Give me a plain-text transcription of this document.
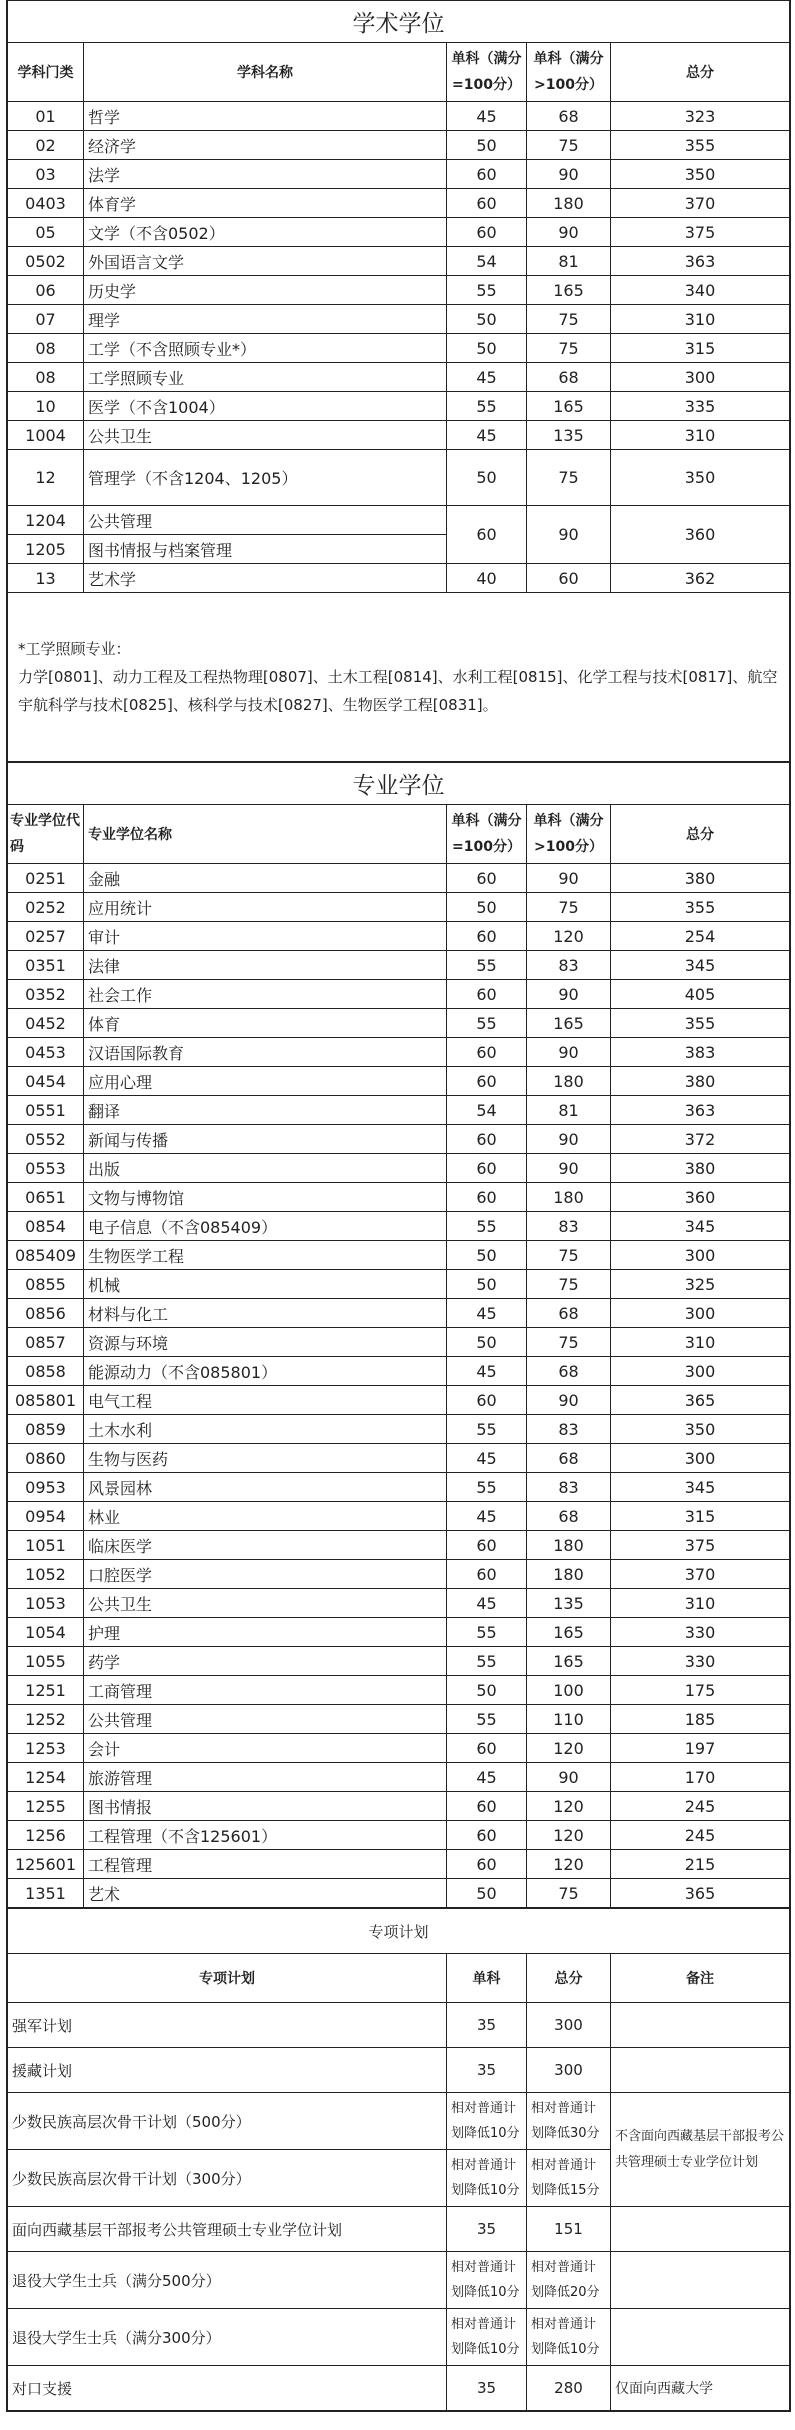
学术学位				
学科门类	学科名称	单科（满分=100分）	单科（满分>100分）	总分
01	哲学	45	68	323
02	经济学	50	75	355
03	法学	60	90	350
0403	体育学	60	180	370
05	文学（不含0502）	60	90	375
0502	外国语言文学	54	81	363
06	历史学	55	165	340
07	理学	50	75	310
08	工学（不含照顾专业*）	50	75	315
08	工学照顾专业	45	68	300
10	医学（不含1004）	55	165	335
1004	公共卫生	45	135	310
12	管理学（不含1204、1205）	50	75	350
1204	公共管理	60	90	360
1205	图书情报与档案管理			
13	艺术学	40	60	362

*工学照顾专业：
力学[0801]、动力工程及工程热物理[0807]、土木工程[0814]、水利工程[0815]、化学工程与技术[0817]、航空宇航科学与技术[0825]、核科学与技术[0827]、生物医学工程[0831]。				
专业学位				
专业学位代码	专业学位名称	单科（满分=100分）	单科（满分>100分）	总分
0251	金融	60	90	380
0252	应用统计	50	75	355
0257	审计	60	120	254
0351	法律	55	83	345
0352	社会工作	60	90	405
0452	体育	55	165	355
0453	汉语国际教育	60	90	383
0454	应用心理	60	180	380
0551	翻译	54	81	363
0552	新闻与传播	60	90	372
0553	出版	60	90	380
0651	文物与博物馆	60	180	360
0854	电子信息（不含085409）	55	83	345
085409	生物医学工程	50	75	300
0855	机械	50	75	325
0856	材料与化工	45	68	300
0857	资源与环境	50	75	310
0858	能源动力（不含085801）	45	68	300
085801	电气工程	60	90	365
0859	土木水利	55	83	350
0860	生物与医药	45	68	300
0953	风景园林	55	83	345
0954	林业	45	68	315
1051	临床医学	60	180	375
1052	口腔医学	60	180	370
1053	公共卫生	45	135	310
1054	护理	55	165	330
1055	药学	55	165	330
1251	工商管理	50	100	175
1252	公共管理	55	110	185
1253	会计	60	120	197
1254	旅游管理	45	90	170
1255	图书情报	60	120	245
1256	工程管理（不含125601）	60	120	245
125601	工程管理	60	120	215
1351	艺术	50	75	365
专项计划			
专项计划	单科	总分	备注
强军计划	35	300	
援藏计划	35	300	
少数民族高层次骨干计划（500分）	相对普通计划降低10分	相对普通计划降低30分	不含面向西藏基层干部报考公共管理硕士专业学位计划
少数民族高层次骨干计划（300分）	相对普通计划降低10分	相对普通计划降低15分	
面向西藏基层干部报考公共管理硕士专业学位计划	35	151	
退役大学生士兵（满分500分）	相对普通计划降低10分	相对普通计划降低20分	
退役大学生士兵（满分300分）	相对普通计划降低10分	相对普通计划降低10分	
对口支援	35	280	仅面向西藏大学
